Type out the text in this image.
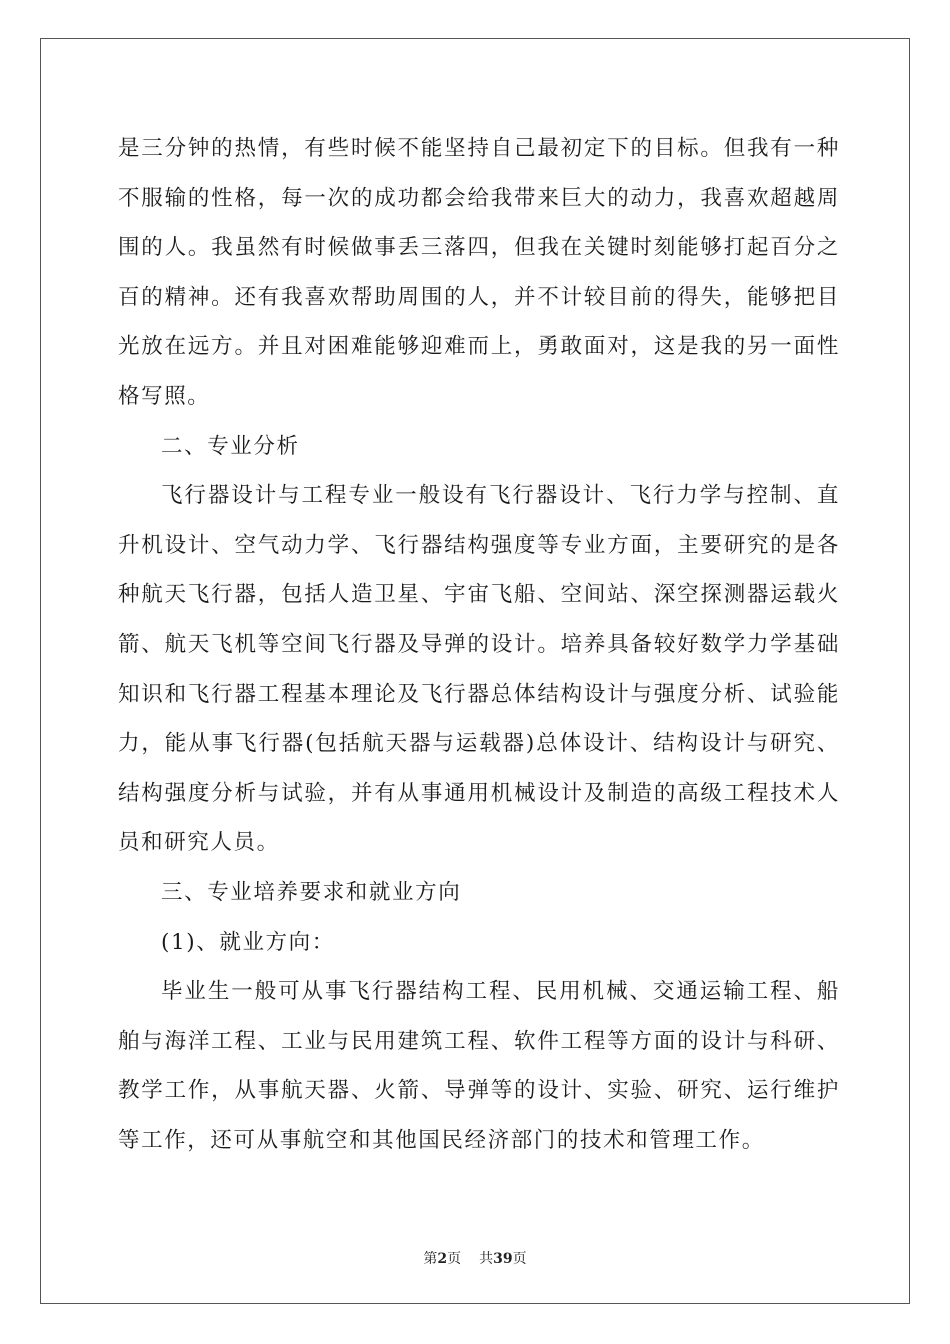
是三分钟的热情，有些时候不能坚持自己最初定下的目标。但我有一种不服输的性格，每一次的成功都会给我带来巨大的动力，我喜欢超越周围的人。我虽然有时候做事丢三落四，但我在关键时刻能够打起百分之百的精神。还有我喜欢帮助周围的人，并不计较目前的得失，能够把目光放在远方。并且对困难能够迎难而上，勇敢面对，这是我的另一面性格写照。

二、专业分析

飞行器设计与工程专业一般设有飞行器设计、飞行力学与控制、直升机设计、空气动力学、飞行器结构强度等专业方面，主要研究的是各种航天飞行器，包括人造卫星、宇宙飞船、空间站、深空探测器运载火箭、航天飞机等空间飞行器及导弹的设计。培养具备较好数学力学基础知识和飞行器工程基本理论及飞行器总体结构设计与强度分析、试验能力，能从事飞行器(包括航天器与运载器)总体设计、结构设计与研究、结构强度分析与试验，并有从事通用机械设计及制造的高级工程技术人员和研究人员。

三、专业培养要求和就业方向

(1)、就业方向：

毕业生一般可从事飞行器结构工程、民用机械、交通运输工程、船舶与海洋工程、工业与民用建筑工程、软件工程等方面的设计与科研、教学工作，从事航天器、火箭、导弹等的设计、实验、研究、运行维护等工作，还可从事航空和其他国民经济部门的技术和管理工作。

第2页 共39页
